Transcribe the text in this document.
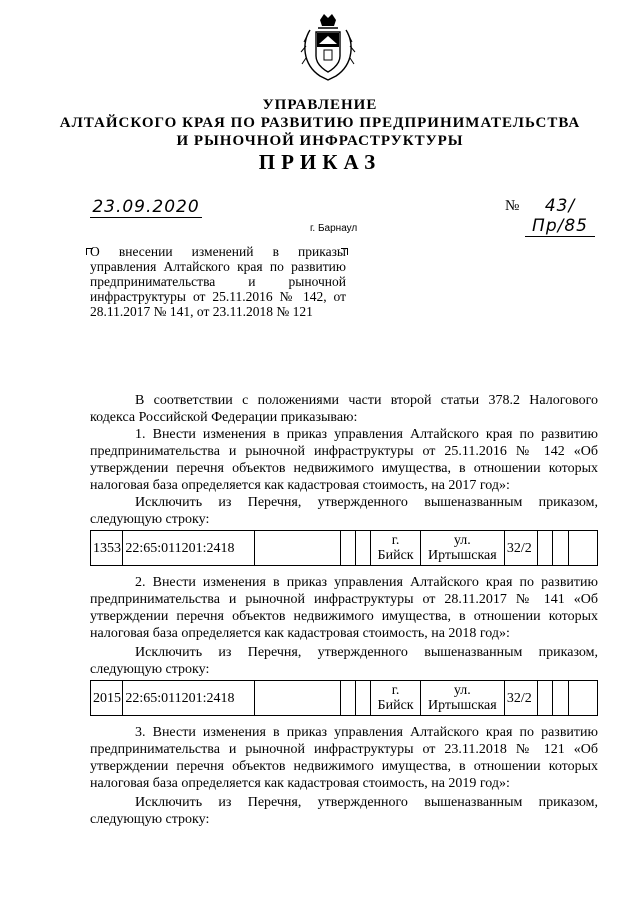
УПРАВЛЕНИЕ
АЛТАЙСКОГО КРАЯ ПО РАЗВИТИЮ ПРЕДПРИНИМАТЕЛЬСТВА
И РЫНОЧНОЙ ИНФРАСТРУКТУРЫ
ПРИКАЗ
23.09.2020	№	43/Пр/85
г. Барнаул
О внесении изменений в приказы управления Алтайского края по развитию предпринимательства и рыночной инфраструктуры от 25.11.2016 № 142, от 28.11.2017 № 141, от 23.11.2018 № 121
В соответствии с положениями части второй статьи 378.2 Налогового кодекса Российской Федерации приказываю:
1. Внести изменения в приказ управления Алтайского края по развитию предпринимательства и рыночной инфраструктуры от 25.11.2016 № 142 «Об утверждении перечня объектов недвижимого имущества, в отношении которых налоговая база определяется как кадастровая стоимость, на 2017 год»:
Исключить из Перечня, утвержденного вышеназванным приказом, следующую строку:
1353	22:65:011201:2418				г. Бийск	ул. Иртышская	32/2			
2. Внести изменения в приказ управления Алтайского края по развитию предпринимательства и рыночной инфраструктуры от 28.11.2017 № 141 «Об утверждении перечня объектов недвижимого имущества, в отношении которых налоговая база определяется как кадастровая стоимость, на 2018 год»:
Исключить из Перечня, утвержденного вышеназванным приказом, следующую строку:
2015	22:65:011201:2418				г. Бийск	ул. Иртышская	32/2			
3. Внести изменения в приказ управления Алтайского края по развитию предпринимательства и рыночной инфраструктуры от 23.11.2018 № 121 «Об утверждении перечня объектов недвижимого имущества, в отношении которых налоговая база определяется как кадастровая стоимость, на 2019 год»:
Исключить из Перечня, утвержденного вышеназванным приказом, следующую строку:
